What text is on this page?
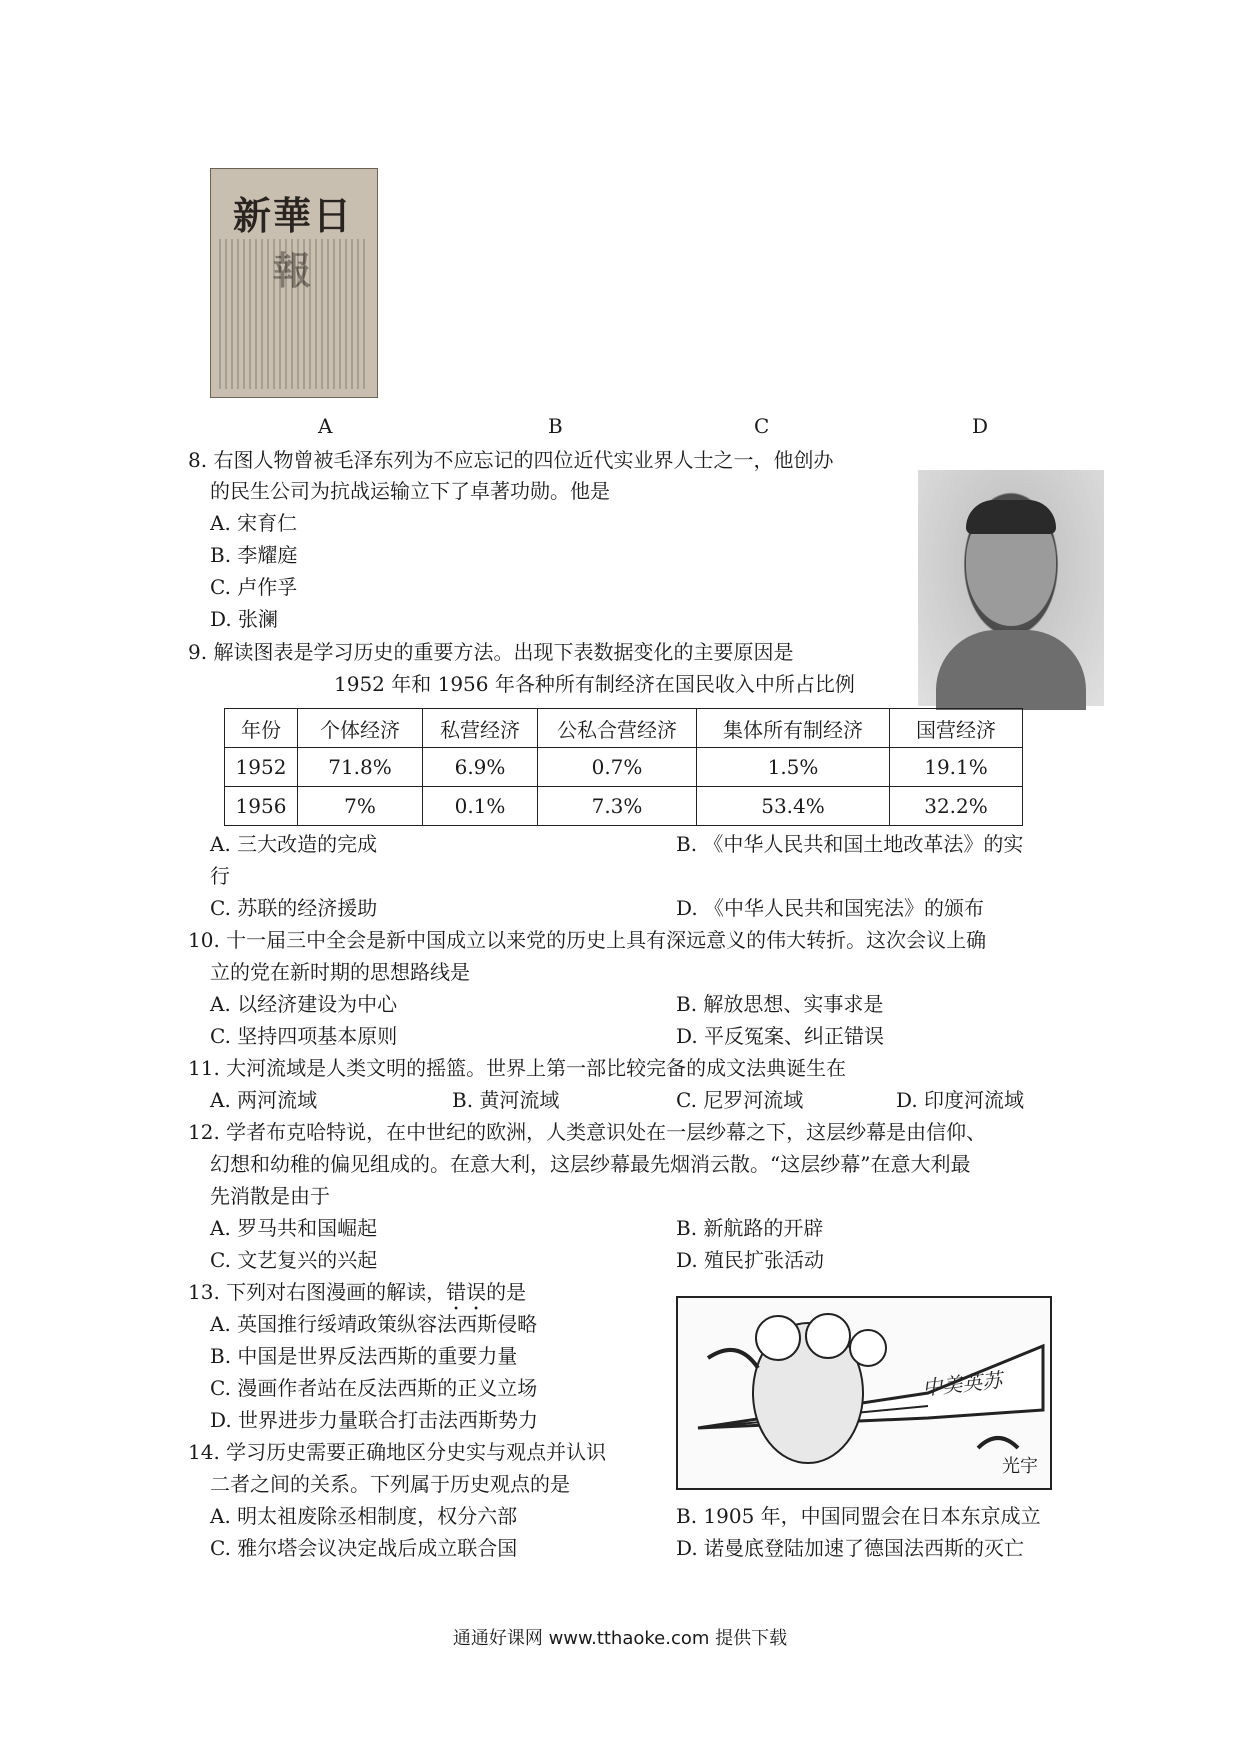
新華日
A	B	C	D
8. 右图人物曾被毛泽东列为不应忘记的四位近代实业界人士之一，他创办
的民生公司为抗战运输立下了卓著功勋。他是
A. 宋育仁
B. 李耀庭
C. 卢作孚
D. 张澜
9. 解读图表是学习历史的重要方法。出现下表数据变化的主要原因是
1952 年和 1956 年各种所有制经济在国民收入中所占比例
年份	个体经济	私营经济	公私合营经济	集体所有制经济	国营经济
1952	71.8%	6.9%	0.7%	1.5%	19.1%
1956	7%	0.1%	7.3%	53.4%	32.2%
A. 三大改造的完成	B. 《中华人民共和国土地改革法》的实
行
C. 苏联的经济援助	D. 《中华人民共和国宪法》的颁布
10. 十一届三中全会是新中国成立以来党的历史上具有深远意义的伟大转折。这次会议上确
立的党在新时期的思想路线是
A. 以经济建设为中心	B. 解放思想、实事求是
C. 坚持四项基本原则	D. 平反冤案、纠正错误
11. 大河流域是人类文明的摇篮。世界上第一部比较完备的成文法典诞生在
A. 两河流域	B. 黄河流域	C. 尼罗河流域	D. 印度河流域
12. 学者布克哈特说，在中世纪的欧洲，人类意识处在一层纱幕之下，这层纱幕是由信仰、
幻想和幼稚的偏见组成的。在意大利，这层纱幕最先烟消云散。“这层纱幕”在意大利最
先消散是由于
A. 罗马共和国崛起	B. 新航路的开辟
C. 文艺复兴的兴起	D. 殖民扩张活动
13. 下列对右图漫画的解读，错误的是
A. 英国推行绥靖政策纵容法西斯侵略
B. 中国是世界反法西斯的重要力量
C. 漫画作者站在反法西斯的正义立场
D. 世界进步力量联合打击法西斯势力
中美英苏
光宇
14. 学习历史需要正确地区分史实与观点并认识
二者之间的关系。下列属于历史观点的是
A. 明太祖废除丞相制度，权分六部	B. 1905 年，中国同盟会在日本东京成立
C. 雅尔塔会议决定战后成立联合国	D. 诺曼底登陆加速了德国法西斯的灭亡
通通好课网 www.tthaoke.com 提供下载
